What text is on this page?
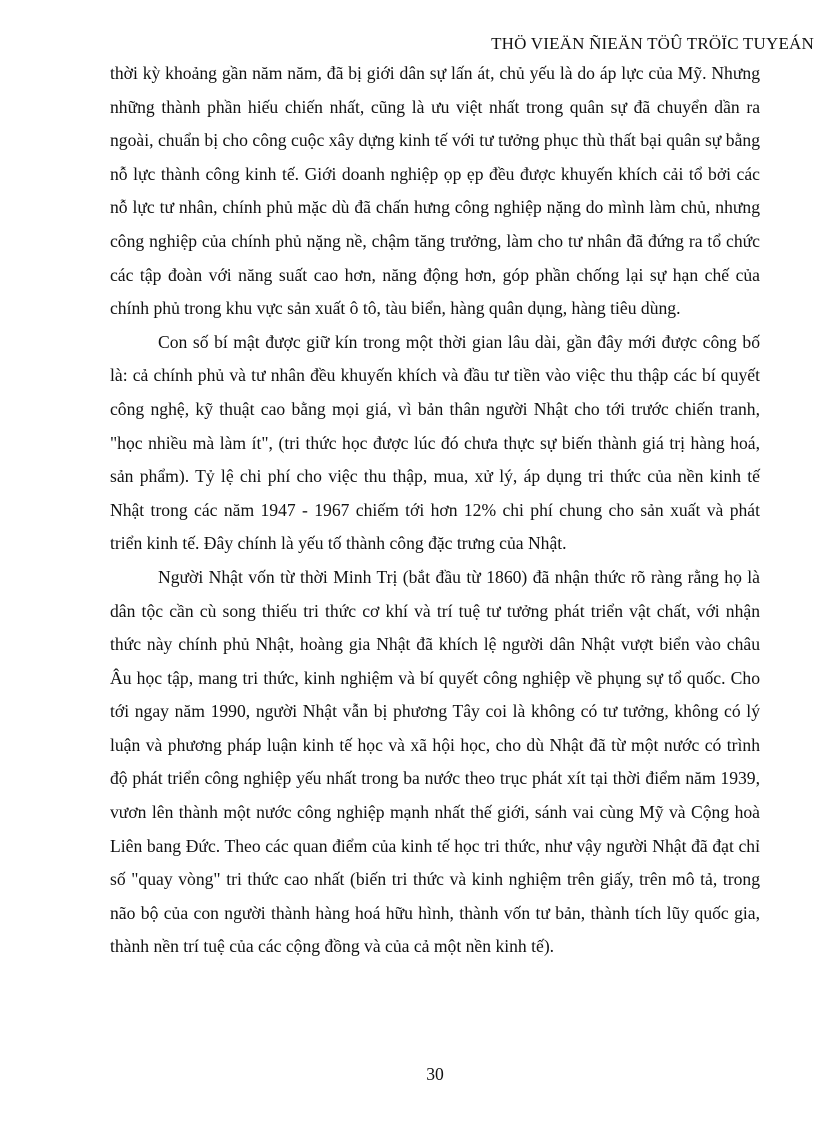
THÖ VIEÄN ÑIEÄN TÖÛ TRÖÏC TUYEÁN

thời kỳ khoảng gần năm năm, đã bị giới dân sự lấn át, chủ yếu là do áp lực của Mỹ. Nhưng những thành phần hiếu chiến nhất, cũng là ưu việt nhất trong quân sự đã chuyển dần ra ngoài, chuẩn bị cho công cuộc xây dựng kinh tế với tư tưởng phục thù thất bại quân sự bằng nỗ lực thành công kinh tế. Giới doanh nghiệp ọp ẹp đều được khuyến khích cải tổ bởi các nỗ lực tư nhân, chính phủ mặc dù đã chấn hưng công nghiệp nặng do mình làm chủ, nhưng công nghiệp của chính phủ nặng nề, chậm tăng trưởng, làm cho tư nhân đã đứng ra tổ chức các tập đoàn với năng suất cao hơn, năng động hơn, góp phần chống lại sự hạn chế của chính phủ trong khu vực sản xuất ô tô, tàu biển, hàng quân dụng, hàng tiêu dùng.

Con số bí mật được giữ kín trong một thời gian lâu dài, gần đây mới được công bố là: cả chính phủ và tư nhân đều khuyến khích và đầu tư tiền vào việc thu thập các bí quyết công nghệ, kỹ thuật cao bằng mọi giá, vì bản thân người Nhật cho tới trước chiến tranh, "học nhiều mà làm ít", (tri thức học được lúc đó chưa thực sự biến thành giá trị hàng hoá, sản phẩm). Tỷ lệ chi phí cho việc thu thập, mua, xử lý, áp dụng tri thức của nền kinh tế Nhật trong các năm 1947 - 1967 chiếm tới hơn 12% chi phí chung cho sản xuất và phát triển kinh tế. Đây chính là yếu tố thành công đặc trưng của Nhật.

Người Nhật vốn từ thời Minh Trị (bắt đầu từ 1860) đã nhận thức rõ ràng rằng họ là dân tộc cần cù song thiếu tri thức cơ khí và trí tuệ tư tưởng phát triển vật chất, với nhận thức này chính phủ Nhật, hoàng gia Nhật đã khích lệ người dân Nhật vượt biển vào châu Âu học tập, mang tri thức, kinh nghiệm và bí quyết công nghiệp về phụng sự tổ quốc. Cho tới ngay năm 1990, người Nhật vẫn bị phương Tây coi là không có tư tưởng, không có lý luận và phương pháp luận kinh tế học và xã hội học, cho dù Nhật đã từ một nước có trình độ phát triển công nghiệp yếu nhất trong ba nước theo trục phát xít tại thời điểm năm 1939, vươn lên thành một nước công nghiệp mạnh nhất thế giới, sánh vai cùng Mỹ và Cộng hoà Liên bang Đức. Theo các quan điểm của kinh tế học tri thức, như vậy người Nhật đã đạt chỉ số "quay vòng" tri thức cao nhất (biến tri thức và kinh nghiệm trên giấy, trên mô tả, trong não bộ của con người thành hàng hoá hữu hình, thành vốn tư bản, thành tích lũy quốc gia, thành nền trí tuệ của các cộng đồng và của cả một nền kinh tế).

30
